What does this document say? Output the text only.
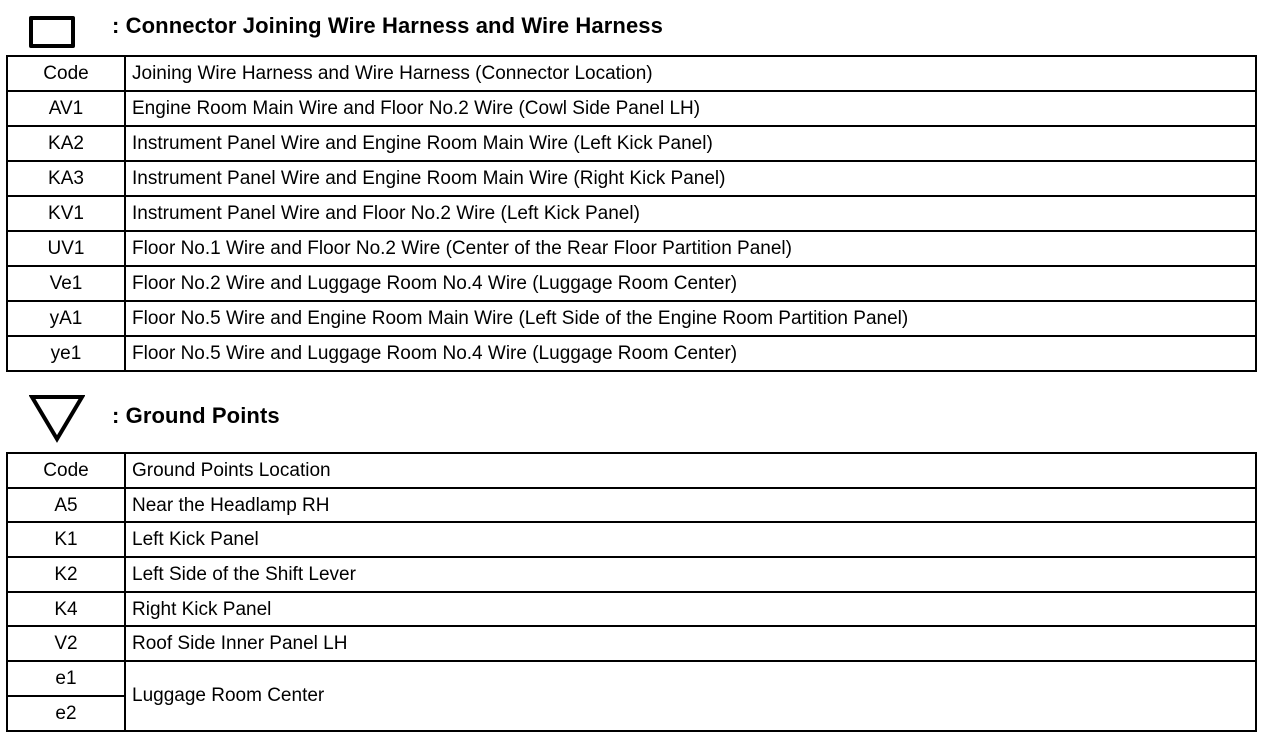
: Connector Joining Wire Harness and Wire Harness
Code	Joining Wire Harness and Wire Harness (Connector Location)
AV1	Engine Room Main Wire and Floor No.2 Wire (Cowl Side Panel LH)
KA2	Instrument Panel Wire and Engine Room Main Wire (Left Kick Panel)
KA3	Instrument Panel Wire and Engine Room Main Wire (Right Kick Panel)
KV1	Instrument Panel Wire and Floor No.2 Wire (Left Kick Panel)
UV1	Floor No.1 Wire and Floor No.2 Wire (Center of the Rear Floor Partition Panel)
Ve1	Floor No.2 Wire and Luggage Room No.4 Wire (Luggage Room Center)
yA1	Floor No.5 Wire and Engine Room Main Wire (Left Side of the Engine Room Partition Panel)
ye1	Floor No.5 Wire and Luggage Room No.4 Wire (Luggage Room Center)
: Ground Points
Code	Ground Points Location
A5	Near the Headlamp RH
K1	Left Kick Panel
K2	Left Side of the Shift Lever
K4	Right Kick Panel
V2	Roof Side Inner Panel LH
e1	Luggage Room Center
e2	
